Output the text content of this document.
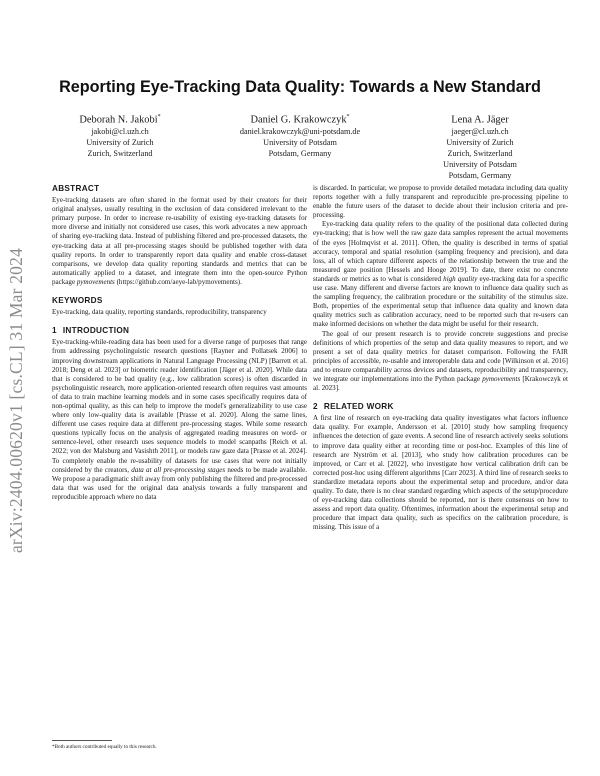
arXiv:2404.00620v1 [cs.CL] 31 Mar 2024
Reporting Eye-Tracking Data Quality: Towards a New Standard
Deborah N. Jakobi*
jakobi@cl.uzh.ch
University of Zurich
Zurich, Switzerland
Daniel G. Krakowczyk*
daniel.krakowczyk@uni-potsdam.de
University of Potsdam
Potsdam, Germany
Lena A. Jäger
jaeger@cl.uzh.ch
University of Zurich
Zurich, Switzerland
University of Potsdam
Potsdam, Germany
ABSTRACT

Eye-tracking datasets are often shared in the format used by their creators for their original analyses, usually resulting in the exclusion of data considered irrelevant to the primary purpose. In order to increase re-usability of existing eye-tracking datasets for more diverse and initially not considered use cases, this work advocates a new approach of sharing eye-tracking data. Instead of publishing filtered and pre-processed datasets, the eye-tracking data at all pre-processing stages should be published together with data quality reports. In order to transparently report data quality and enable cross-dataset comparisons, we develop data quality reporting standards and metrics that can be automatically applied to a dataset, and integrate them into the open-source Python package pymovements (https://github.com/aeye-lab/pymovements).

KEYWORDS

Eye-tracking, data quality, reporting standards, reproducibility, transparency

1 INTRODUCTION

Eye-tracking-while-reading data has been used for a diverse range of purposes that range from addressing psycholinguistic research questions [Rayner and Pollatsek 2006] to improving downstream applications in Natural Language Processing (NLP) [Barrett et al. 2018; Deng et al. 2023] or biometric reader identification [Jäger et al. 2020]. While data that is considered to be bad quality (e.g., low calibration scores) is often discarded in psycholinguistic research, more application-oriented research often requires vast amounts of data to train machine learning models and in some cases specifically requires data of non-optimal quality, as this can help to improve the model's generalizability to use case where only low-quality data is available [Prasse et al. 2020]. Along the same lines, different use cases require data at different pre-processing stages. While some research questions typically focus on the analysis of aggregated reading measures on word- or sentence-level, other research uses sequence models to model scanpaths [Reich et al. 2022; von der Malsburg and Vasishth 2011], or models raw gaze data [Prasse et al. 2024]. To completely enable the re-usability of datasets for use cases that were not initially considered by the creators, data at all pre-processing stages needs to be made available. We propose a paradigmatic shift away from only publishing the filtered and pre-processed data that was used for the original data analysis towards a fully transparent and reproducible approach where no data

is discarded. In particular, we propose to provide detailed metadata including data quality reports together with a fully transparent and reproducible pre-processing pipeline to enable the future users of the dataset to decide about their inclusion criteria and pre-processing.

Eye-tracking data quality refers to the quality of the positional data collected during eye-tracking; that is how well the raw gaze data samples represent the actual movements of the eyes [Holmqvist et al. 2011]. Often, the quality is described in terms of spatial accuracy, temporal and spatial resolution (sampling frequency and precision), and data loss, all of which capture different aspects of the relationship between the true and the measured gaze position [Hessels and Hooge 2019]. To date, there exist no concrete standards or metrics as to what is considered high quality eye-tracking data for a specific use case. Many different and diverse factors are known to influence data quality such as the sampling frequency, the calibration procedure or the suitability of the stimulus size. Both, properties of the experimental setup that influence data quality and known data quality metrics such as calibration accuracy, need to be reported such that re-users can make informed decisions on whether the data might be useful for their research.

The goal of our present research is to provide concrete suggestions and precise definitions of which properties of the setup and data quality measures to report, and we present a set of data quality metrics for dataset comparison. Following the FAIR principles of accessible, re-usable and interoperable data and code [Wilkinson et al. 2016] and to ensure comparability across devices and datasets, reproducibility and transparency, we integrate our implementations into the Python package pymovements [Krakowczyk et al. 2023].

2 RELATED WORK

A first line of research on eye-tracking data quality investigates what factors influence data quality. For example, Andersson et al. [2010] study how sampling frequency influences the detection of gaze events. A second line of research actively seeks solutions to improve data quality either at recording time or post-hoc. Examples of this line of research are Nyström et al. [2013], who study how calibration procedures can be improved, or Carr et al. [2022], who investigate how vertical calibration drift can be corrected post-hoc using different algorithms [Carr 2023]. A third line of research seeks to standardize metadata reports about the experimental setup and procedure, and/or data quality. To date, there is no clear standard regarding which aspects of the setup/procedure of eye-tracking data collections should be reported, nor is there consensus on how to assess and report data quality. Oftentimes, information about the experimental setup and procedure that impact data quality, such as specifics on the calibration procedure, is missing. This issue of a

*Both authors contributed equally to this research.
